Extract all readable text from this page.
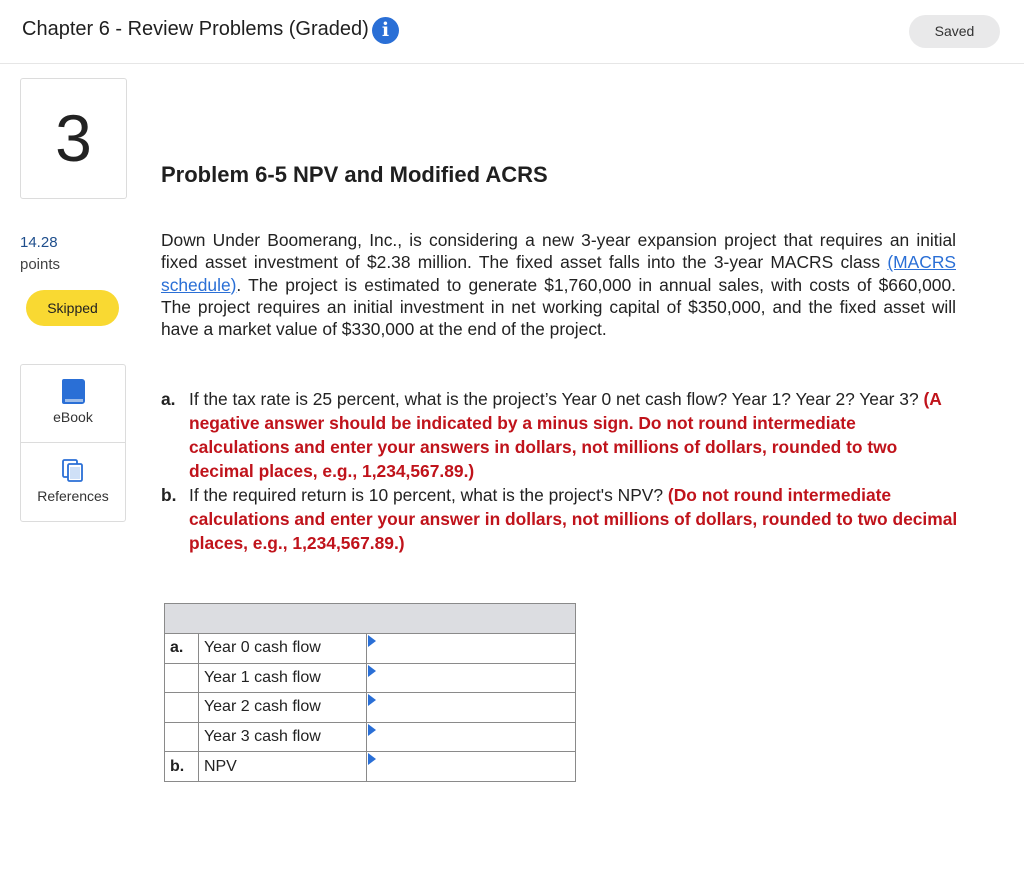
Chapter 6 - Review Problems (Graded) i	Saved
3
14.28
points
Skipped
eBook
References
Problem 6-5 NPV and Modified ACRS
Down Under Boomerang, Inc., is considering a new 3-year expansion project that requires an initial fixed asset investment of $2.38 million. The fixed asset falls into the 3-year MACRS class (MACRS schedule). The project is estimated to generate $1,760,000 in annual sales, with costs of $660,000. The project requires an initial investment in net working capital of $350,000, and the fixed asset will have a market value of $330,000 at the end of the project.
a. If the tax rate is 25 percent, what is the project’s Year 0 net cash flow? Year 1? Year 2? Year 3? (A negative answer should be indicated by a minus sign. Do not round intermediate calculations and enter your answers in dollars, not millions of dollars, rounded to two decimal places, e.g., 1,234,567.89.)
b. If the required return is 10 percent, what is the project's NPV? (Do not round intermediate calculations and enter your answer in dollars, not millions of dollars, rounded to two decimal places, e.g., 1,234,567.89.)

a.	Year 0 cash flow	

	Year 1 cash flow	

	Year 2 cash flow	

	Year 3 cash flow	

b.	NPV	
